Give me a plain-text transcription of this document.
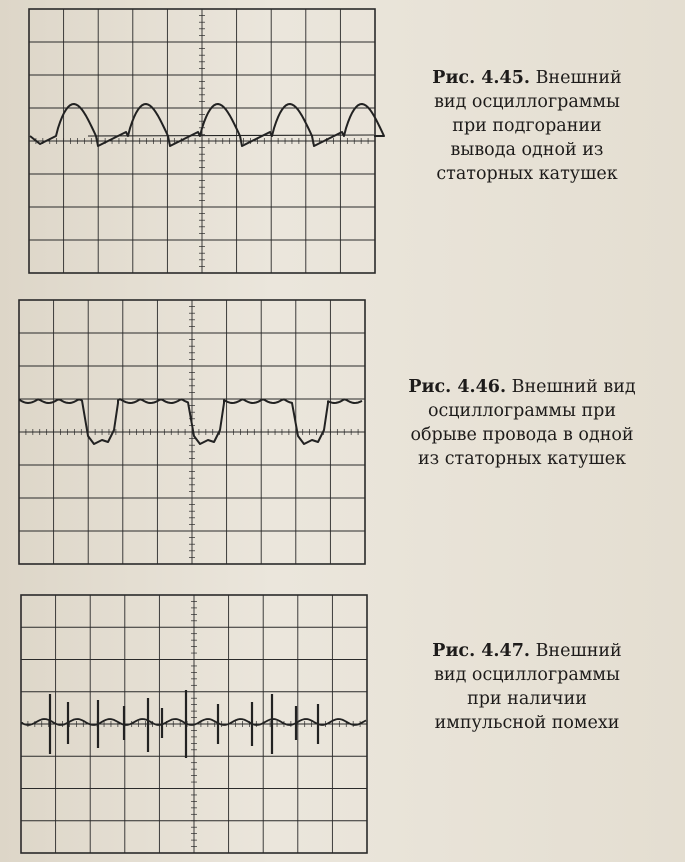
Рис. 4.45. Внешний
вид осциллограммы
при подгорании
вывода одной из
статорных катушек
Рис. 4.46. Внешний вид
осциллограммы при
обрыве провода в одной
из статорных катушек
Рис. 4.47. Внешний
вид осциллограммы
при наличии
импульсной помехи
